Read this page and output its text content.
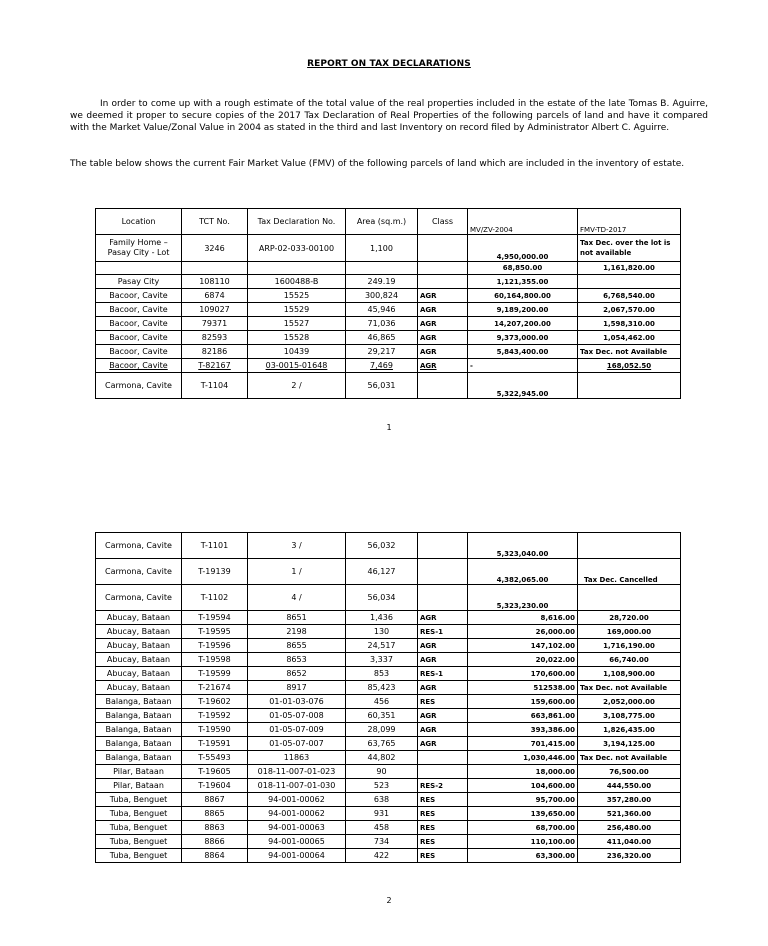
REPORT ON TAX DECLARATIONS
In order to come up with a rough estimate of the total value of the real properties included in the estate of the late Tomas B. Aguirre, we deemed it proper to secure copies of the 2017 Tax Declaration of Real Properties of the following parcels of land and have it compared with the Market Value/Zonal Value in 2004 as stated in the third and last Inventory on record filed by Administrator Albert C. Aguirre.
The table below shows the current Fair Market Value (FMV) of the following parcels of land which are included in the inventory of estate.
Location	TCT No.	Tax Declaration No.	Area (sq.m.)	Class	MV/ZV-2004	FMV-TD-2017
Family Home – Pasay City - Lot	3246	ARP-02-033-00100	1,100		4,950,000.00	Tax Dec. over the lot is not available
					68,850.00	1,161,820.00
Pasay City	108110	1600488-B	249.19		1,121,355.00	
Bacoor, Cavite	6874	15525	300,824	AGR	60,164,800.00	6,768,540.00
Bacoor, Cavite	109027	15529	45,946	AGR	9,189,200.00	2,067,570.00
Bacoor, Cavite	79371	15527	71,036	AGR	14,207,200.00	1,598,310.00
Bacoor, Cavite	82593	15528	46,865	AGR	9,373,000.00	1,054,462.00
Bacoor, Cavite	82186	10439	29,217	AGR	5,843,400.00	Tax Dec. not Available
Bacoor, Cavite	T-82167	03-0015-01648	7,469	AGR	-	168,052.50
Carmona, Cavite	T-1104	2 /	56,031		5,322,945.00	
1
Carmona, Cavite	T-1101	3 /	56,032		5,323,040.00	
Carmona, Cavite	T-19139	1 /	46,127		4,382,065.00	Tax Dec. Cancelled
Carmona, Cavite	T-1102	4 /	56,034		5,323,230.00	
Abucay, Bataan	T-19594	8651	1,436	AGR	8,616.00	28,720.00
Abucay, Bataan	T-19595	2198	130	RES-1	26,000.00	169,000.00
Abucay, Bataan	T-19596	8655	24,517	AGR	147,102.00	1,716,190.00
Abucay, Bataan	T-19598	8653	3,337	AGR	20,022.00	66,740.00
Abucay, Bataan	T-19599	8652	853	RES-1	170,600.00	1,108,900.00
Abucay, Bataan	T-21674	8917	85,423	AGR	512538.00	Tax Dec. not Available
Balanga, Bataan	T-19602	01-01-03-076	456	RES	159,600.00	2,052,000.00
Balanga, Bataan	T-19592	01-05-07-008	60,351	AGR	663,861.00	3,108,775.00
Balanga, Bataan	T-19590	01-05-07-009	28,099	AGR	393,386.00	1,826,435.00
Balanga, Bataan	T-19591	01-05-07-007	63,765	AGR	701,415.00	3,194,125.00
Balanga, Bataan	T-55493	11863	44,802		1,030,446.00	Tax Dec. not Available
Pilar, Bataan	T-19605	018-11-007-01-023	90		18,000.00	76,500.00
Pilar, Bataan	T-19604	018-11-007-01-030	523	RES-2	104,600.00	444,550.00
Tuba, Benguet	8867	94-001-00062	638	RES	95,700.00	357,280.00
Tuba, Benguet	8865	94-001-00062	931	RES	139,650.00	521,360.00
Tuba, Benguet	8863	94-001-00063	458	RES	68,700.00	256,480.00
Tuba, Benguet	8866	94-001-00065	734	RES	110,100.00	411,040.00
Tuba, Benguet	8864	94-001-00064	422	RES	63,300.00	236,320.00
2
